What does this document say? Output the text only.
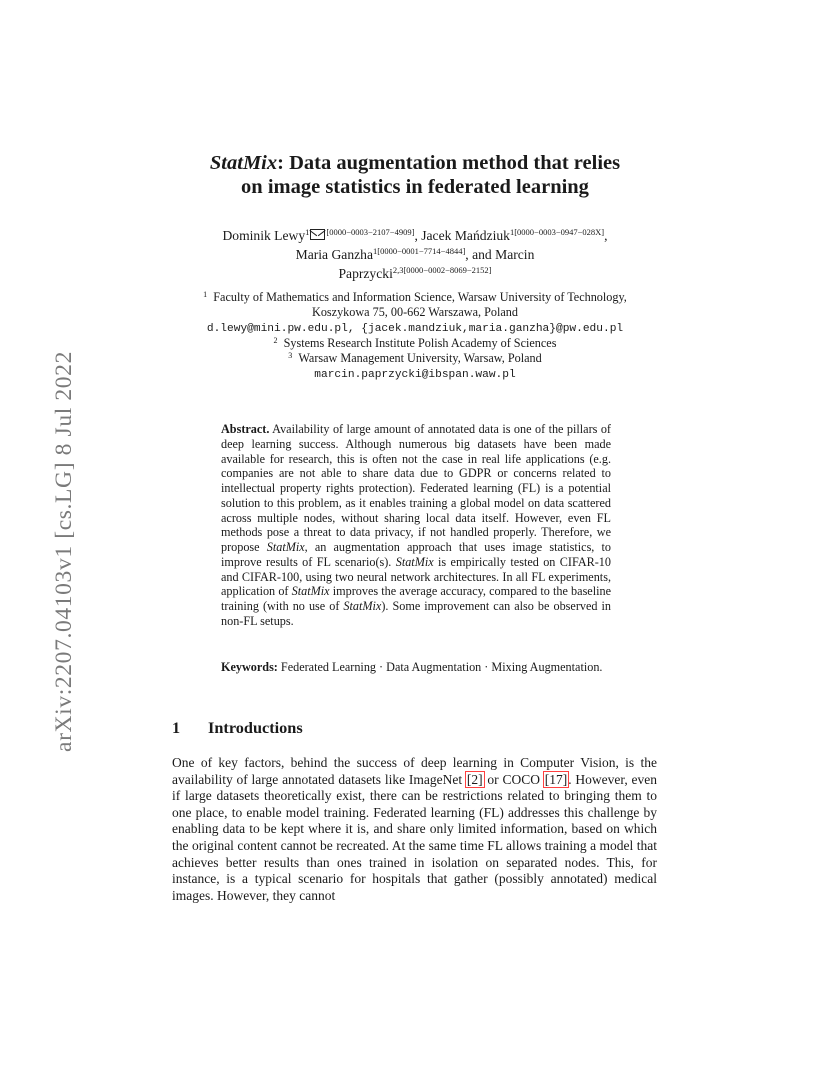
arXiv:2207.04103v1 [cs.LG] 8 Jul 2022
StatMix: Data augmentation method that relies
on image statistics in federated learning
Dominik Lewy$^1$ [0000−0003−2107−4909], Jacek Mańdziuk$^{1[0000-0003-0947-028X]}$,
Maria Ganzha$^{1[0000-0001-7714-4844]}$, and Marcin
Paprzycki$^{2,3[0000-0002-8069-2152]}$
$^1$ Faculty of Mathematics and Information Science, Warsaw University of Technology,
Koszykowa 75, 00-662 Warszawa, Poland
d.lewy@mini.pw.edu.pl, {jacek.mandziuk,maria.ganzha}@pw.edu.pl
$^2$ Systems Research Institute Polish Academy of Sciences
$^3$ Warsaw Management University, Warsaw, Poland
marcin.paprzycki@ibspan.waw.pl
Abstract. Availability of large amount of annotated data is one of the pillars of deep learning success. Although numerous big datasets have been made available for research, this is often not the case in real life applications (e.g. companies are not able to share data due to GDPR or concerns related to intellectual property rights protection). Federated learning (FL) is a potential solution to this problem, as it enables training a global model on data scattered across multiple nodes, without sharing local data itself. However, even FL methods pose a threat to data privacy, if not handled properly. Therefore, we propose StatMix, an augmentation approach that uses image statistics, to improve results of FL scenario(s). StatMix is empirically tested on CIFAR-10 and CIFAR-100, using two neural network architectures. In all FL experiments, application of StatMix improves the average accuracy, compared to the baseline training (with no use of StatMix). Some improvement can also be observed in non-FL setups.
Keywords: Federated Learning · Data Augmentation · Mixing Augmentation.
1 Introductions
One of key factors, behind the success of deep learning in Computer Vision, is the availability of large annotated datasets like ImageNet [2] or COCO [17]. However, even if large datasets theoretically exist, there can be restrictions related to bringing them to one place, to enable model training. Federated learning (FL) addresses this challenge by enabling data to be kept where it is, and share only limited information, based on which the original content cannot be recreated. At the same time FL allows training a model that achieves better results than ones trained in isolation on separated nodes. This, for instance, is a typical scenario for hospitals that gather (possibly annotated) medical images. However, they cannot
